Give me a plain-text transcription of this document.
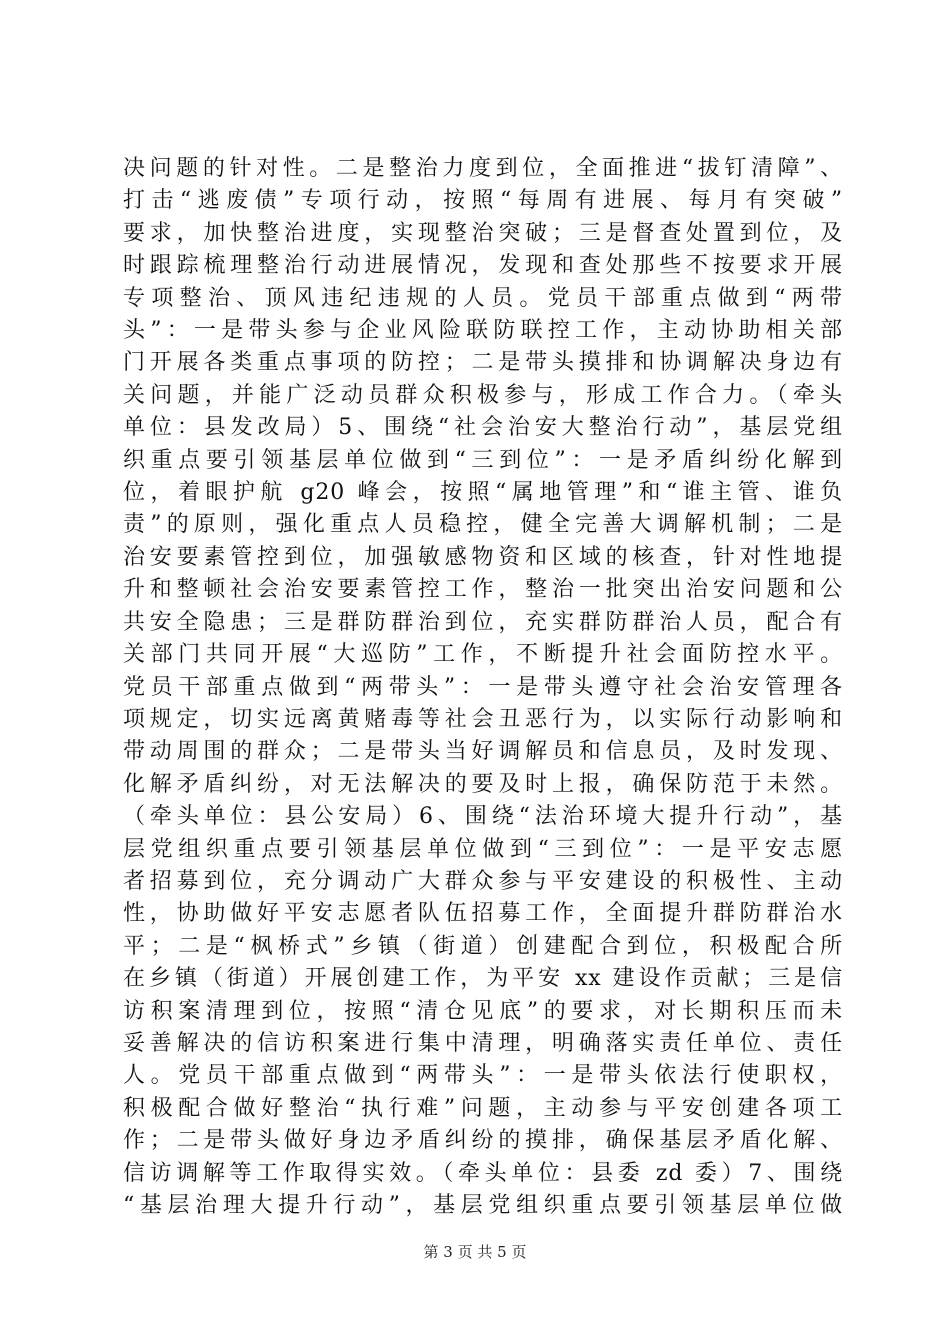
决问题的针对性。二是整治力度到位，全面推进“拔钉清障”、
打击“逃废债”专项行动，按照“每周有进展、每月有突破”
要求，加快整治进度，实现整治突破；三是督查处置到位，及
时跟踪梳理整治行动进展情况，发现和查处那些不按要求开展
专项整治、顶风违纪违规的人员。党员干部重点做到“两带
头”：一是带头参与企业风险联防联控工作，主动协助相关部
门开展各类重点事项的防控；二是带头摸排和协调解决身边有
关问题，并能广泛动员群众积极参与，形成工作合力。（牵头
单位：县发改局）5、围绕“社会治安大整治行动”，基层党组
织重点要引领基层单位做到“三到位”：一是矛盾纠纷化解到
位，着眼护航 g20 峰会，按照“属地管理”和“谁主管、谁负
责”的原则，强化重点人员稳控，健全完善大调解机制；二是
治安要素管控到位，加强敏感物资和区域的核查，针对性地提
升和整顿社会治安要素管控工作，整治一批突出治安问题和公
共安全隐患；三是群防群治到位，充实群防群治人员，配合有
关部门共同开展“大巡防”工作，不断提升社会面防控水平。
党员干部重点做到“两带头”：一是带头遵守社会治安管理各
项规定，切实远离黄赌毒等社会丑恶行为，以实际行动影响和
带动周围的群众；二是带头当好调解员和信息员，及时发现、
化解矛盾纠纷，对无法解决的要及时上报，确保防范于未然。
（牵头单位：县公安局）6、围绕“法治环境大提升行动”，基
层党组织重点要引领基层单位做到“三到位”：一是平安志愿
者招募到位，充分调动广大群众参与平安建设的积极性、主动
性，协助做好平安志愿者队伍招募工作，全面提升群防群治水
平；二是“枫桥式”乡镇（街道）创建配合到位，积极配合所
在乡镇（街道）开展创建工作，为平安 xx 建设作贡献；三是信
访积案清理到位，按照“清仓见底”的要求，对长期积压而未
妥善解决的信访积案进行集中清理，明确落实责任单位、责任
人。党员干部重点做到“两带头”：一是带头依法行使职权，
积极配合做好整治“执行难”问题，主动参与平安创建各项工
作；二是带头做好身边矛盾纠纷的摸排，确保基层矛盾化解、
信访调解等工作取得实效。（牵头单位：县委 zd 委）7、围绕
“基层治理大提升行动”，基层党组织重点要引领基层单位做
第 3 页 共 5 页
